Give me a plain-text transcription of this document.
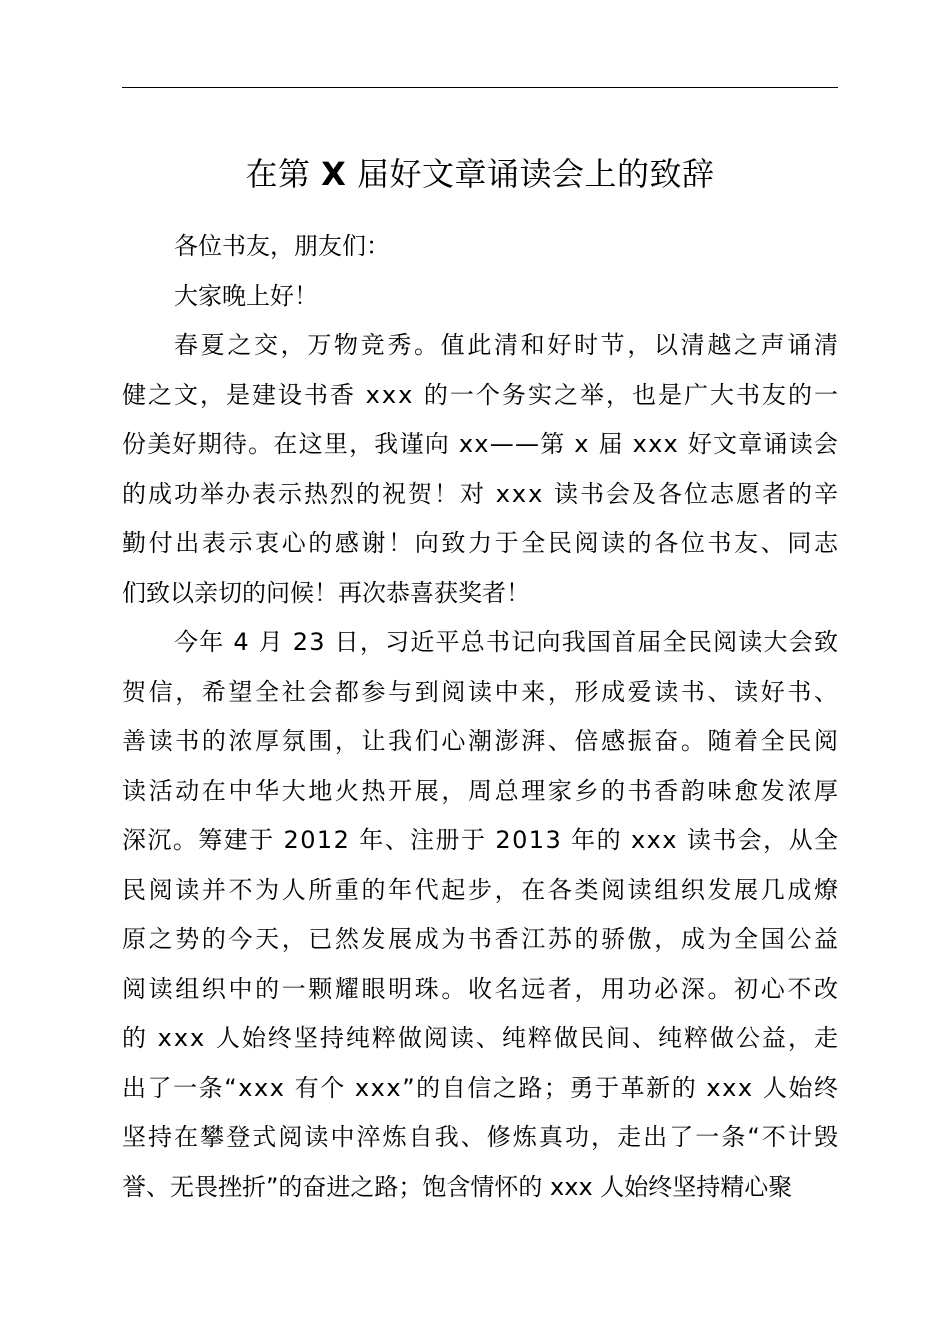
在第 X 届好文章诵读会上的致辞
各位书友，朋友们：
大家晚上好！
春夏之交，万物竞秀。值此清和好时节，以清越之声诵清
健之文，是建设书香 xxx 的一个务实之举，也是广大书友的一
份美好期待。在这里，我谨向 xx——第 x 届 xxx 好文章诵读会
的成功举办表示热烈的祝贺！对 xxx 读书会及各位志愿者的辛
勤付出表示衷心的感谢！向致力于全民阅读的各位书友、同志
们致以亲切的问候！再次恭喜获奖者！
今年 4 月 23 日，习近平总书记向我国首届全民阅读大会致
贺信，希望全社会都参与到阅读中来，形成爱读书、读好书、
善读书的浓厚氛围，让我们心潮澎湃、倍感振奋。随着全民阅
读活动在中华大地火热开展，周总理家乡的书香韵味愈发浓厚
深沉。筹建于 2012 年、注册于 2013 年的 xxx 读书会，从全
民阅读并不为人所重的年代起步，在各类阅读组织发展几成燎
原之势的今天，已然发展成为书香江苏的骄傲，成为全国公益
阅读组织中的一颗耀眼明珠。收名远者，用功必深。初心不改
的 xxx 人始终坚持纯粹做阅读、纯粹做民间、纯粹做公益，走
出了一条“xxx 有个 xxx”的自信之路；勇于革新的 xxx 人始终
坚持在攀登式阅读中淬炼自我、修炼真功，走出了一条“不计毁
誉、无畏挫折”的奋进之路；饱含情怀的 xxx 人始终坚持精心聚
